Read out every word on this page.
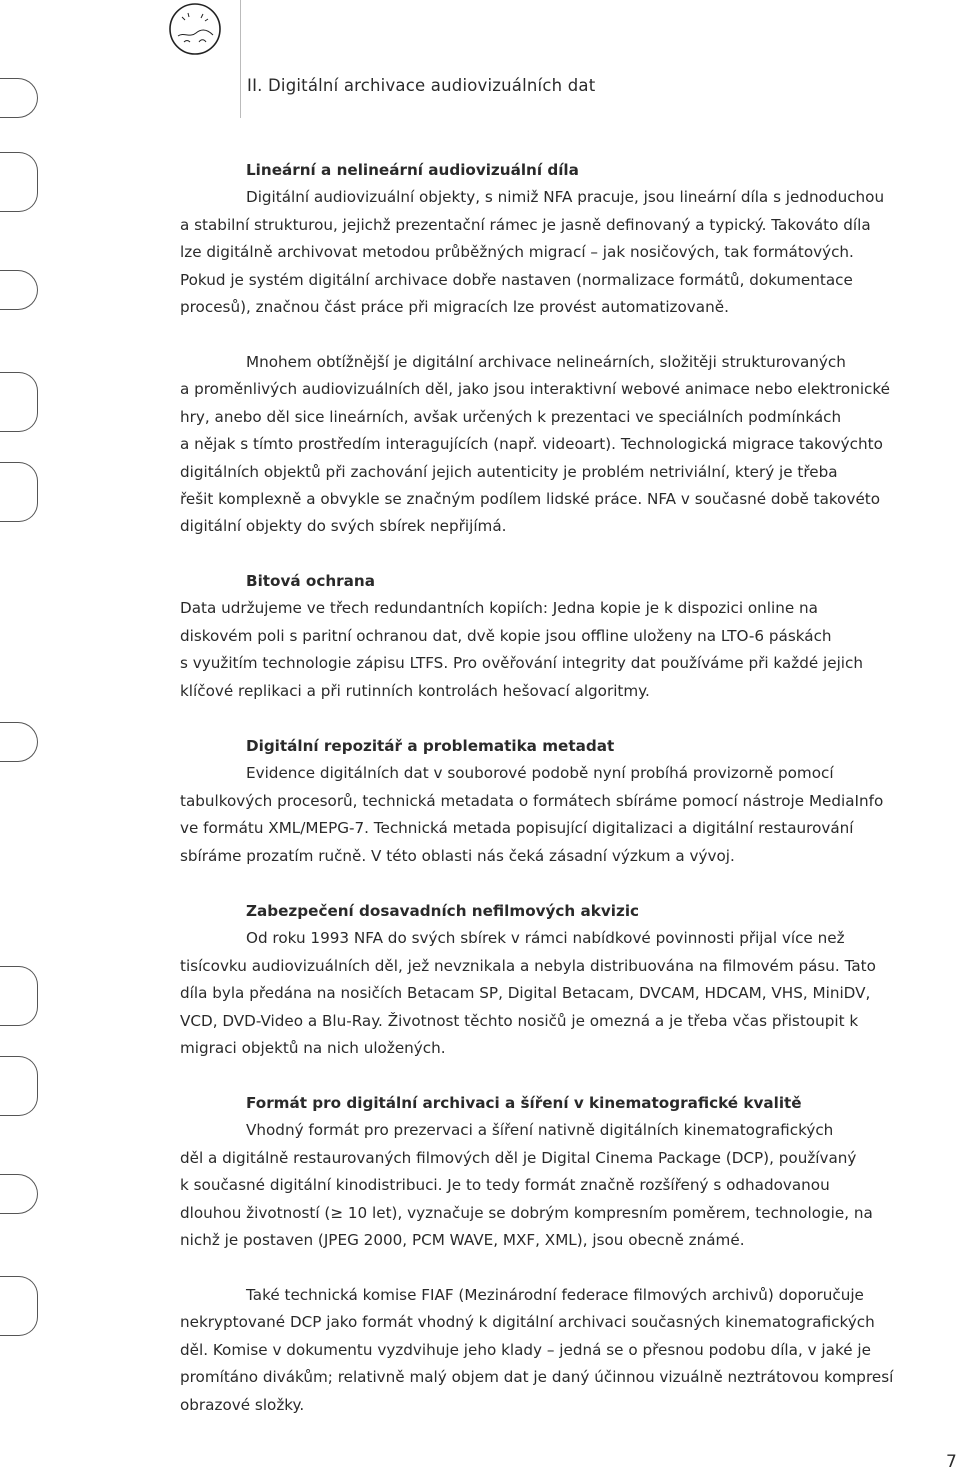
II. Digitální archivace audiovizuálních dat
Lineární a nelineární audiovizuální díla

Digitální audiovizuální objekty, s nimiž NFA pracuje, jsou lineární díla s jednoduchou
a stabilní strukturou, jejichž prezentační rámec je jasně definovaný a typický. Takováto díla
lze digitálně archivovat metodou průběžných migrací – jak nosičových, tak formátových.
Pokud je systém digitální archivace dobře nastaven (normalizace formátů, dokumentace
procesů), značnou část práce při migracích lze provést automatizovaně.

Mnohem obtížnější je digitální archivace nelineárních, složitěji strukturovaných
a proměnlivých audiovizuálních děl, jako jsou interaktivní webové animace nebo elektronické
hry, anebo děl sice lineárních, avšak určených k prezentaci ve speciálních podmínkách
a nějak s tímto prostředím interagujících (např. videoart). Technologická migrace takovýchto
digitálních objektů při zachování jejich autenticity je problém netriviální, který je třeba
řešit komplexně a obvykle se značným podílem lidské práce. NFA v současné době takovéto
digitální objekty do svých sbírek nepřijímá.

Bitová ochrana

Data udržujeme ve třech redundantních kopiích: Jedna kopie je k dispozici online na
diskovém poli s paritní ochranou dat, dvě kopie jsou offline uloženy na LTO-6 páskách
s využitím technologie zápisu LTFS. Pro ověřování integrity dat používáme při každé jejich
klíčové replikaci a při rutinních kontrolách hešovací algoritmy.

Digitální repozitář a problematika metadat

Evidence digitálních dat v souborové podobě nyní probíhá provizorně pomocí
tabulkových procesorů, technická metadata o formátech sbíráme pomocí nástroje MediaInfo
ve formátu XML/MEPG-7. Technická metada popisující digitalizaci a digitální restaurování
sbíráme prozatím ručně. V této oblasti nás čeká zásadní výzkum a vývoj.

Zabezpečení dosavadních nefilmových akvizic

Od roku 1993 NFA do svých sbírek v rámci nabídkové povinnosti přijal více než
tisícovku audiovizuálních děl, jež nevznikala a nebyla distribuována na filmovém pásu. Tato
díla byla předána na nosičích Betacam SP, Digital Betacam, DVCAM, HDCAM, VHS, MiniDV,
VCD, DVD-Video a Blu-Ray. Životnost těchto nosičů je omezná a je třeba včas přistoupit k
migraci objektů na nich uložených.

Formát pro digitální archivaci a šíření v kinematografické kvalitě

Vhodný formát pro prezervaci a šíření nativně digitálních kinematografických
děl a digitálně restaurovaných filmových děl je Digital Cinema Package (DCP), používaný
k současné digitální kinodistribuci. Je to tedy formát značně rozšířený s odhadovanou
dlouhou životností (≥ 10 let), vyznačuje se dobrým kompresním poměrem, technologie, na
nichž je postaven (JPEG 2000, PCM WAVE, MXF, XML), jsou obecně známé.

Také technická komise FIAF (Mezinárodní federace filmových archivů) doporučuje
nekryptované DCP jako formát vhodný k digitální archivaci současných kinematografických
děl. Komise v dokumentu vyzdvihuje jeho klady – jedná se o přesnou podobu díla, v jaké je
promítáno divákům; relativně malý objem dat je daný účinnou vizuálně neztrátovou kompresí
obrazové složky.

7
